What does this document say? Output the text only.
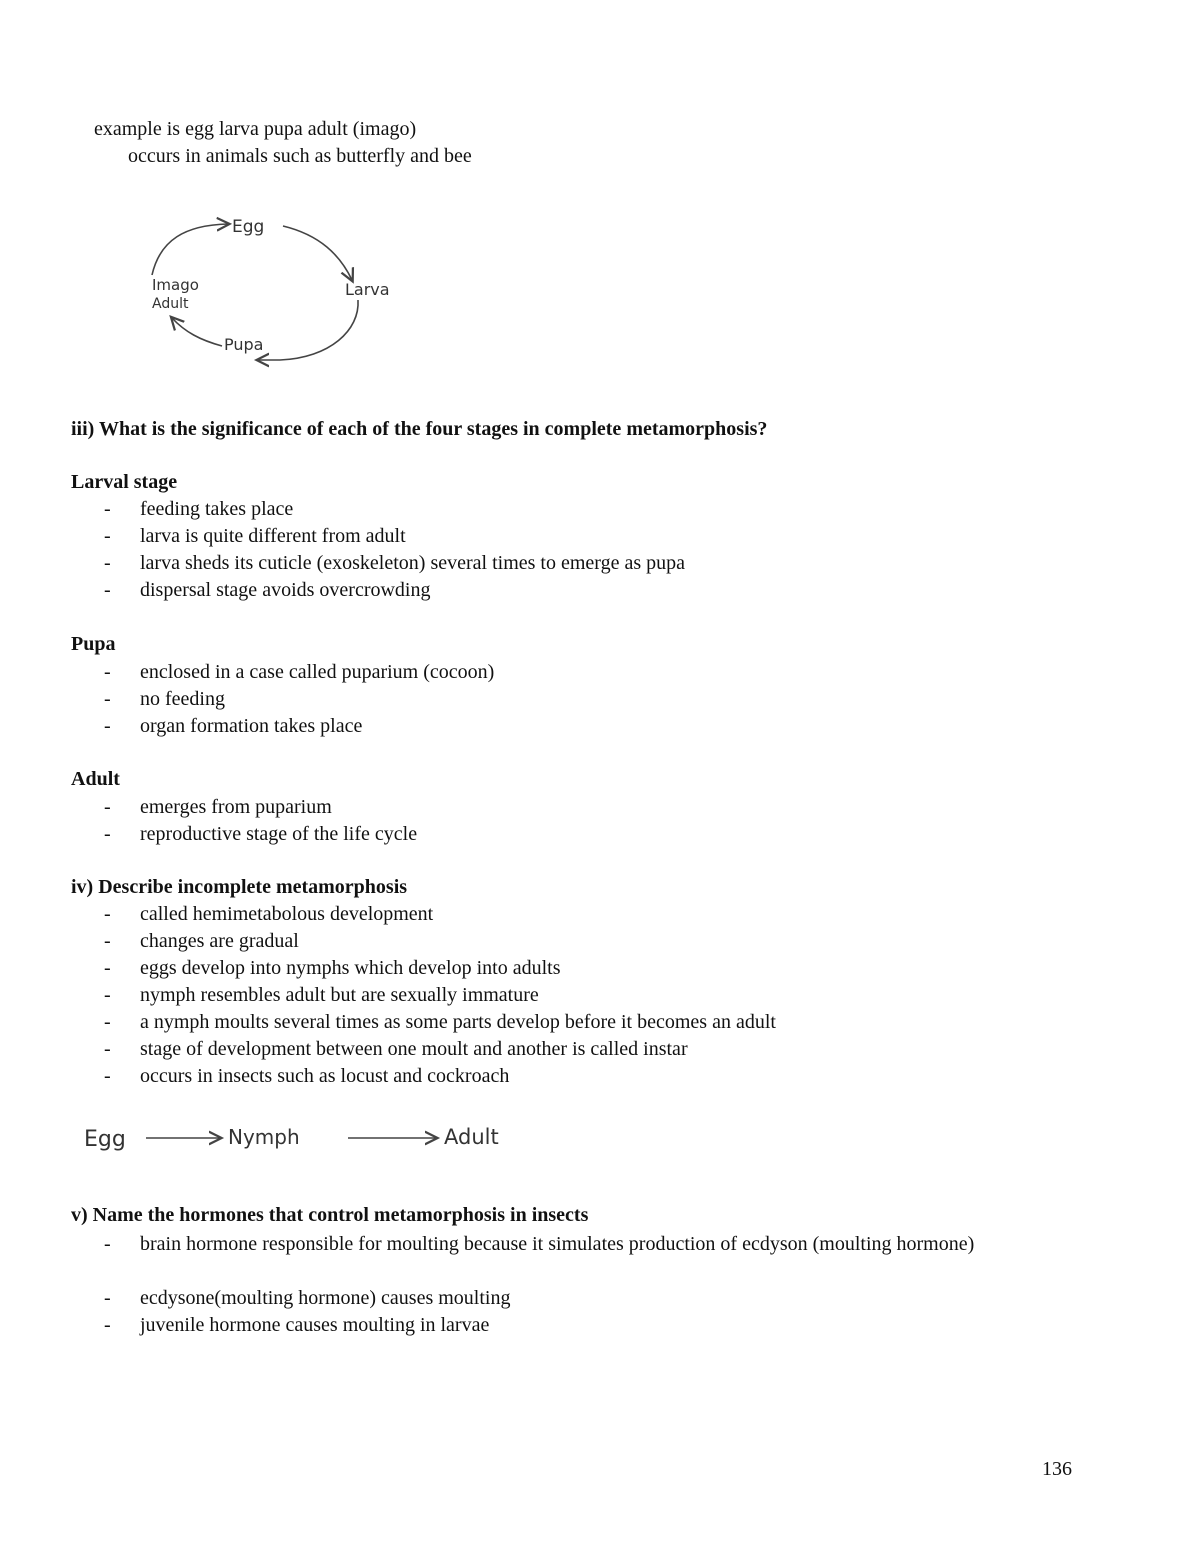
example is egg larva pupa adult (imago)
occurs in animals such as butterfly and bee
Egg
Larva
Imago
Adult
Pupa
iii) What is the significance of each of the four stages in complete metamorphosis?
Larval stage
- feeding takes place
- larva is quite different from adult
- larva sheds its cuticle (exoskeleton) several times to emerge as pupa
- dispersal stage avoids overcrowding
Pupa
- enclosed in a case called puparium (cocoon)
- no feeding
- organ formation takes place
Adult
- emerges from puparium
- reproductive stage of the life cycle
iv) Describe incomplete metamorphosis
- called hemimetabolous development
- changes are gradual
- eggs develop into nymphs which develop into adults
- nymph resembles adult but are sexually immature
- a nymph moults several times as some parts develop before it becomes an adult
- stage of development between one moult and another is called instar
- occurs in insects such as locust and cockroach
Egg	Nymph	Adult
v) Name the hormones that control metamorphosis in insects
- brain hormone responsible for moulting because it simulates production of ecdyson (moulting hormone)
- ecdysone(moulting hormone) causes moulting
- juvenile hormone causes moulting in larvae
136
